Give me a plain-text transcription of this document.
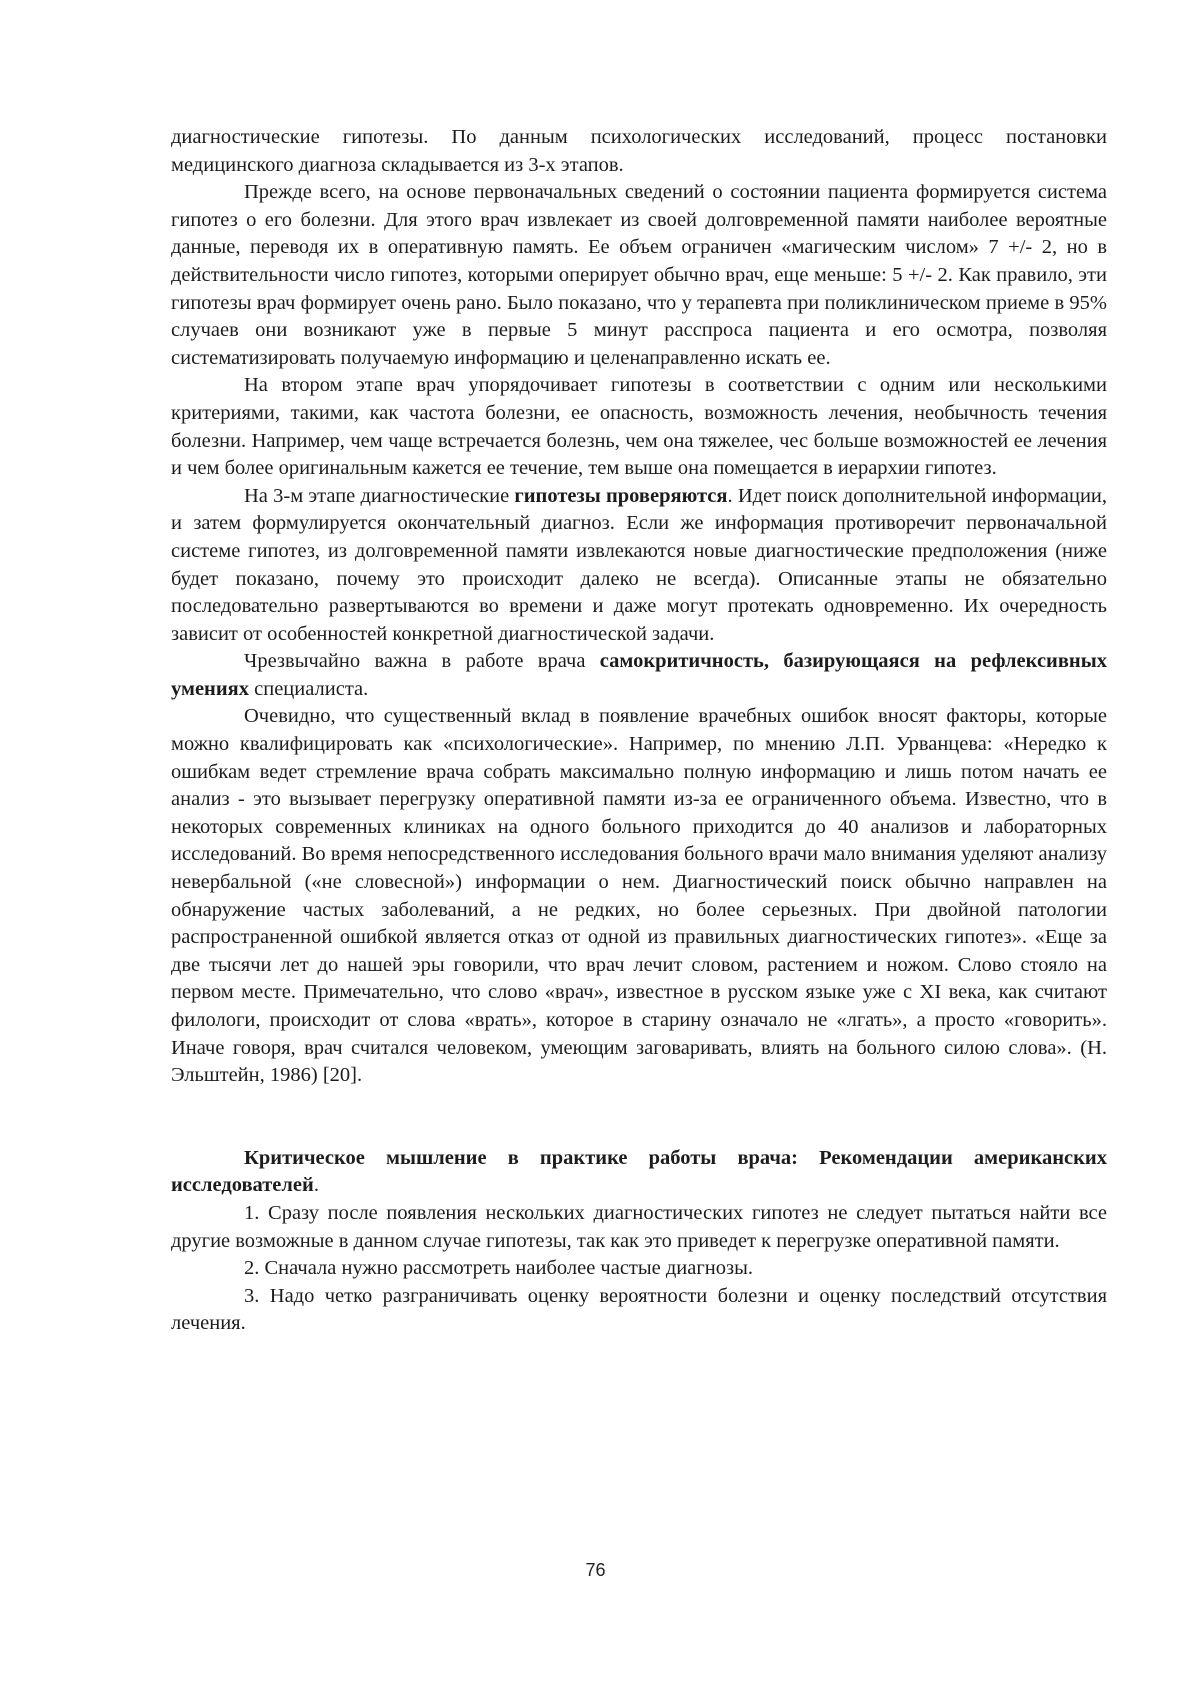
диагностические гипотезы. По данным психологических исследований, процесс постановки медицинского диагноза складывается из 3-х этапов.

Прежде всего, на основе первоначальных сведений о состоянии пациента формируется система гипотез о его болезни. Для этого врач извлекает из своей долговременной памяти наиболее вероятные данные, переводя их в оперативную память. Ее объем ограничен «магическим числом» 7 +/- 2, но в действительности число гипотез, которыми оперирует обычно врач, еще меньше: 5 +/- 2. Как правило, эти гипотезы врач формирует очень рано. Было показано, что у терапевта при поликлиническом приеме в 95% случаев они возникают уже в первые 5 минут расспроса пациента и его осмотра, позволяя систематизировать получаемую информацию и целенаправленно искать ее.

На втором этапе врач упорядочивает гипотезы в соответствии с одним или несколькими критериями, такими, как частота болезни, ее опасность, возможность лечения, необычность течения болезни. Например, чем чаще встречается болезнь, чем она тяжелее, чес больше возможностей ее лечения и чем более оригинальным кажется ее течение, тем выше она помещается в иерархии гипотез.

На 3-м этапе диагностические гипотезы проверяются. Идет поиск дополнительной информации, и затем формулируется окончательный диагноз. Если же информация противоречит первоначальной системе гипотез, из долговременной памяти извлекаются новые диагностические предположения (ниже будет показано, почему это происходит далеко не всегда). Описанные этапы не обязательно последовательно развертываются во времени и даже могут протекать одновременно. Их очередность зависит от особенностей конкретной диагностической задачи.

Чрезвычайно важна в работе врача самокритичность, базирующаяся на рефлексивных умениях специалиста.

Очевидно, что существенный вклад в появление врачебных ошибок вносят факторы, которые можно квалифицировать как «психологические». Например, по мнению Л.П. Урванцева: «Нередко к ошибкам ведет стремление врача собрать максимально полную информацию и лишь потом начать ее анализ - это вызывает перегрузку оперативной памяти из-за ее ограниченного объема. Известно, что в некоторых современных клиниках на одного больного приходится до 40 анализов и лабораторных исследований. Во время непосредственного исследования больного врачи мало внимания уделяют анализу невербальной («не словесной») информации о нем. Диагностический поиск обычно направлен на обнаружение частых заболеваний, а не редких, но более серьезных. При двойной патологии распространенной ошибкой является отказ от одной из правильных диагностических гипотез». «Еще за две тысячи лет до нашей эры говорили, что врач лечит словом, растением и ножом. Слово стояло на первом месте. Примечательно, что слово «врач», известное в русском языке уже с XI века, как считают филологи, происходит от слова «врать», которое в старину означало не «лгать», а просто «говорить». Иначе говоря, врач считался человеком, умеющим заговаривать, влиять на больного силою слова». (Н. Эльштейн, 1986) [20].

Критическое мышление в практике работы врача: Рекомендации американских исследователей.

1. Сразу после появления нескольких диагностических гипотез не следует пытаться найти все другие возможные в данном случае гипотезы, так как это приведет к перегрузке оперативной памяти.

2. Сначала нужно рассмотреть наиболее частые диагнозы.

3. Надо четко разграничивать оценку вероятности болезни и оценку последствий отсутствия лечения.

76
